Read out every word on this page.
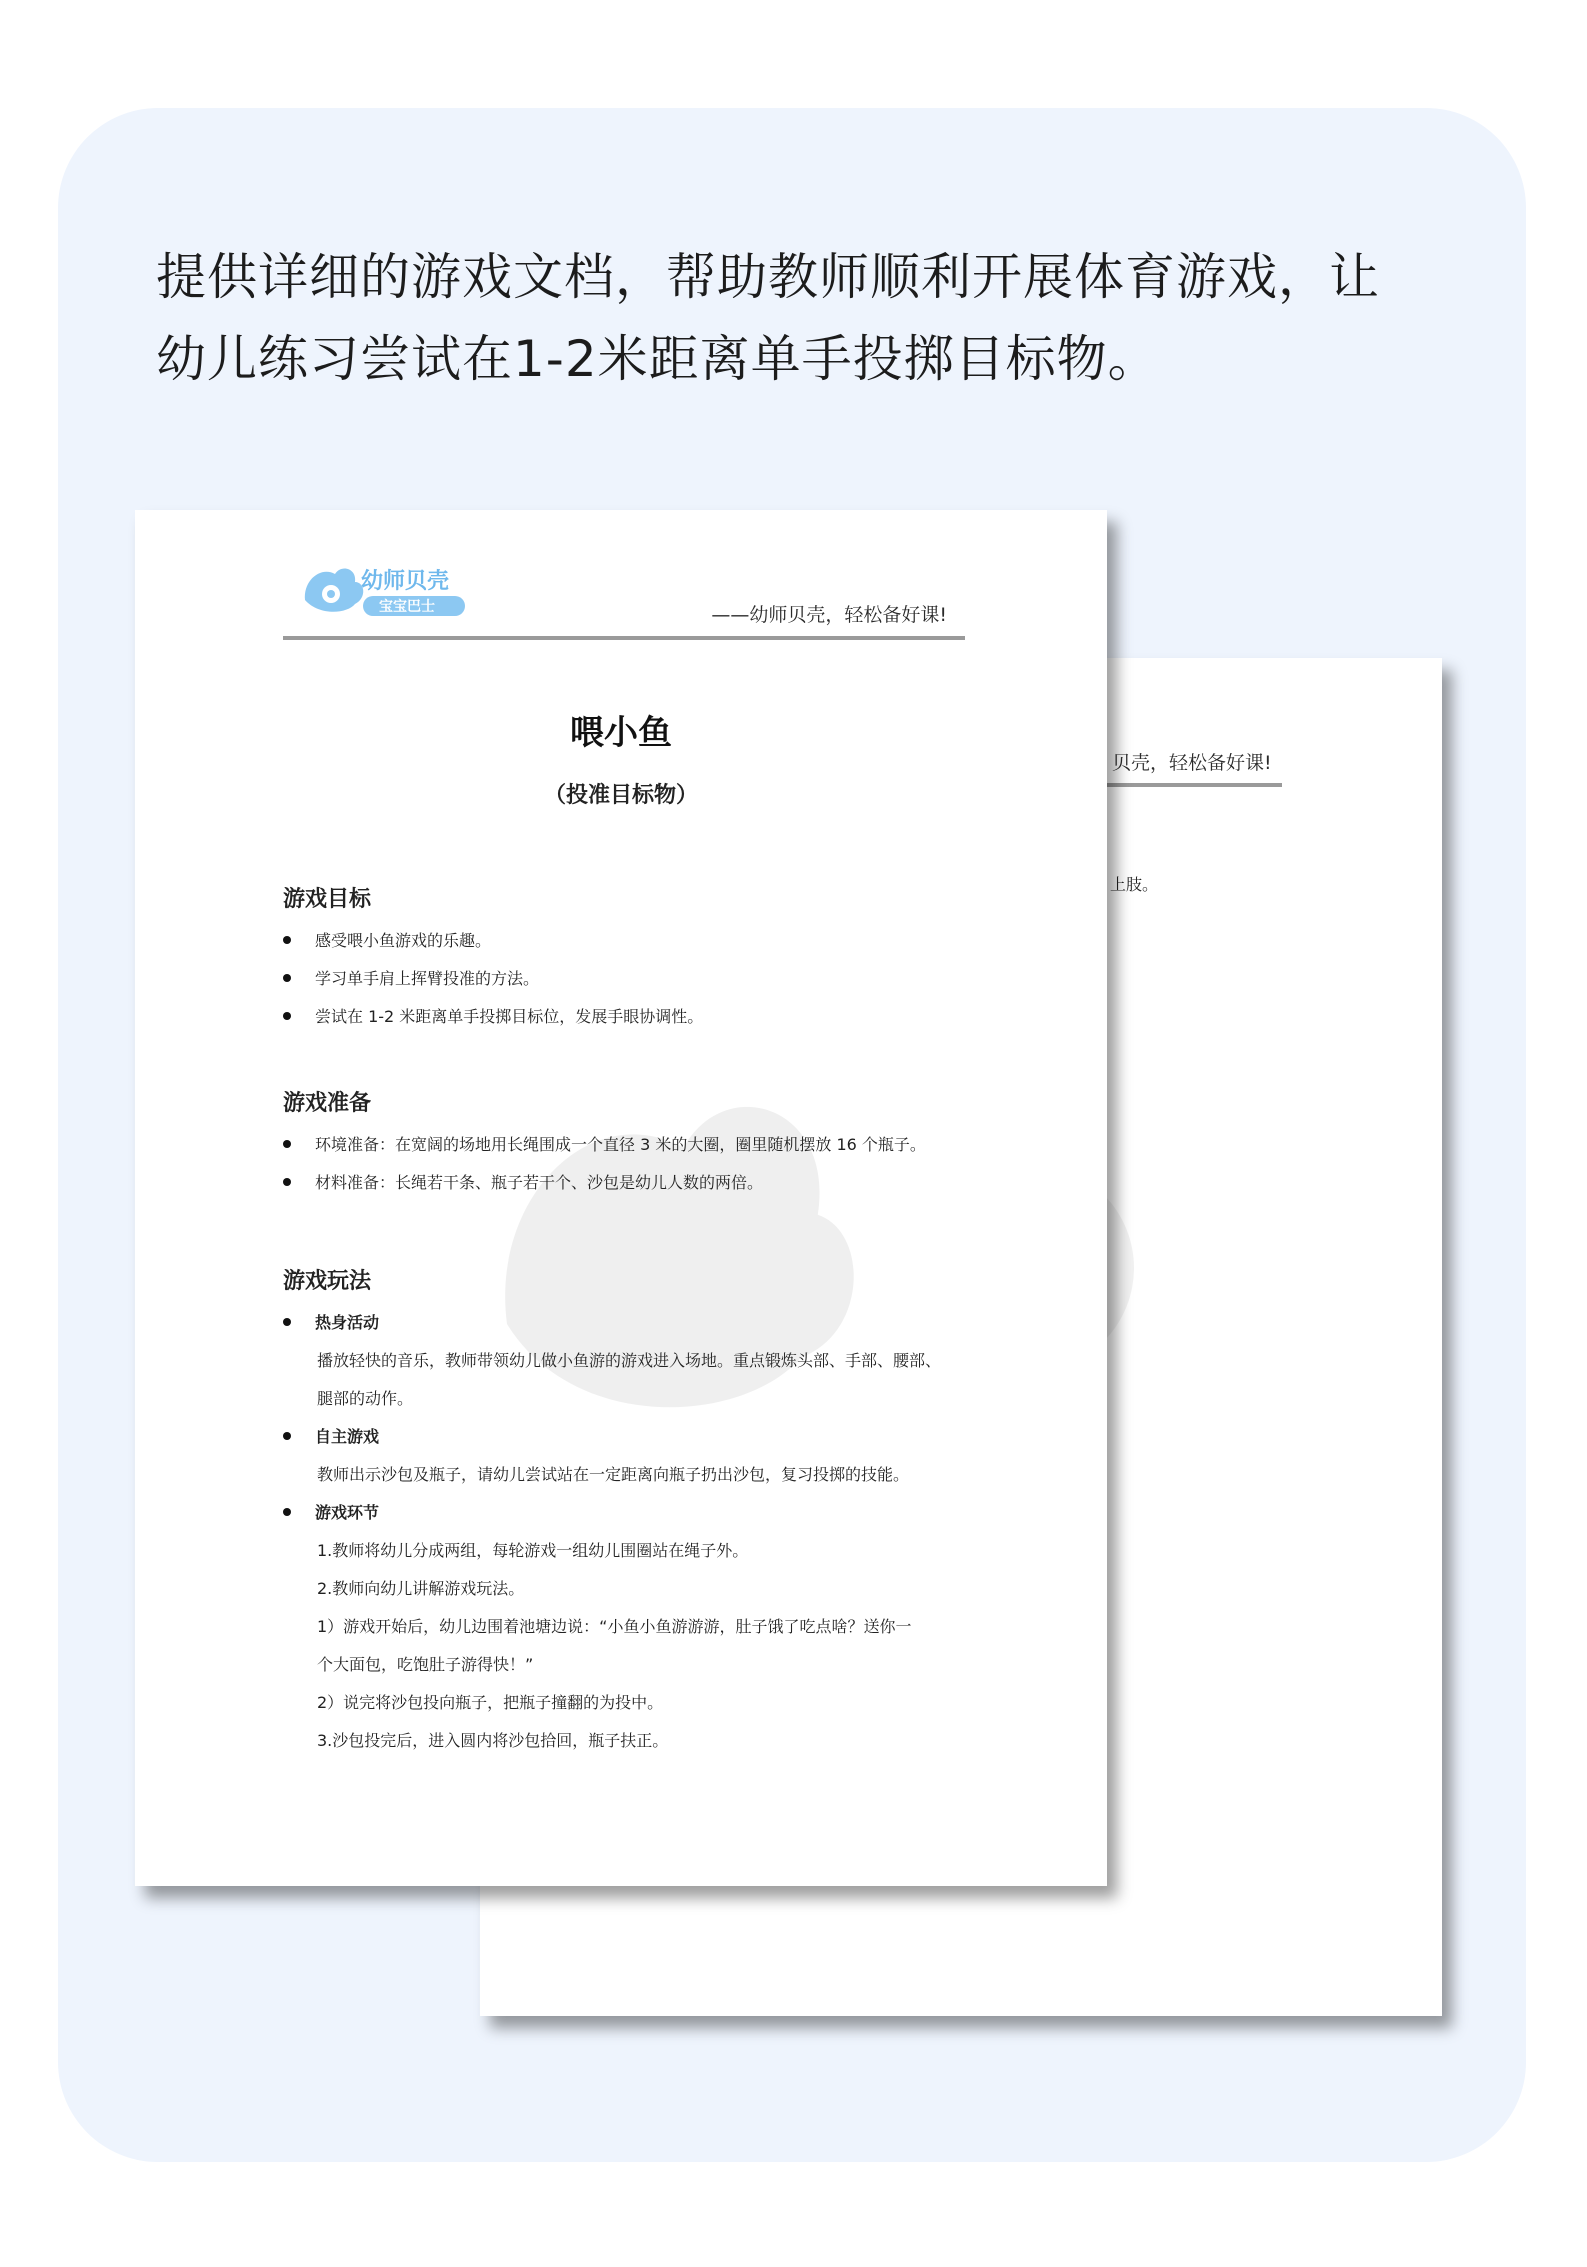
提供详细的游戏文档，帮助教师顺利开展体育游戏，让
幼儿练习尝试在1-2米距离单手投掷目标物。
贝壳，轻松备好课!
上肢。
幼师贝壳
宝宝巴士	——幼师贝壳，轻松备好课!
喂小鱼
（投准目标物）
游戏目标
感受喂小鱼游戏的乐趣。
学习单手肩上挥臂投准的方法。
尝试在 1-2 米距离单手投掷目标位，发展手眼协调性。
游戏准备
环境准备：在宽阔的场地用长绳围成一个直径 3 米的大圈，圈里随机摆放 16 个瓶子。
材料准备：长绳若干条、瓶子若干个、沙包是幼儿人数的两倍。
游戏玩法
热身活动
播放轻快的音乐，教师带领幼儿做小鱼游的游戏进入场地。重点锻炼头部、手部、腰部、
腿部的动作。
自主游戏
教师出示沙包及瓶子，请幼儿尝试站在一定距离向瓶子扔出沙包，复习投掷的技能。
游戏环节
1.教师将幼儿分成两组，每轮游戏一组幼儿围圈站在绳子外。
2.教师向幼儿讲解游戏玩法。
1）游戏开始后，幼儿边围着池塘边说：“小鱼小鱼游游游，肚子饿了吃点啥？送你一
个大面包，吃饱肚子游得快！”
2）说完将沙包投向瓶子，把瓶子撞翻的为投中。
3.沙包投完后，进入圆内将沙包拾回，瓶子扶正。
